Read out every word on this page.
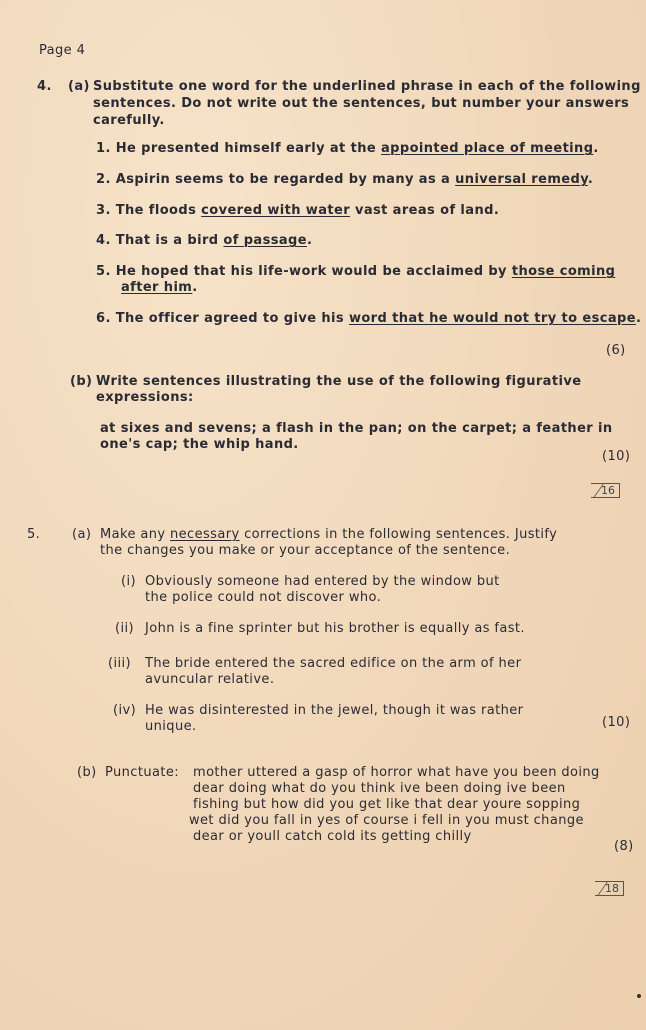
Page 4
4. (a) Substitute one word for the underlined phrase in each of the following
sentences. Do not write out the sentences, but number your answers
carefully.
1. He presented himself early at the appointed place of meeting.
2. Aspirin seems to be regarded by many as a universal remedy.
3. The floods covered with water vast areas of land.
4. That is a bird of passage.
5. He hoped that his life-work would be acclaimed by those coming
after him.
6. The officer agreed to give his word that he would not try to escape.
(6)
(b) Write sentences illustrating the use of the following figurative
expressions:
at sixes and sevens; a flash in the pan; on the carpet; a feather in
one's cap; the whip hand.
(10)
16
5. (a) Make any necessary corrections in the following sentences. Justify
the changes you make or your acceptance of the sentence.
(i) Obviously someone had entered by the window but
the police could not discover who.
(ii) John is a fine sprinter but his brother is equally as fast.
(iii) The bride entered the sacred edifice on the arm of her
avuncular relative.
(iv) He was disinterested in the jewel, though it was rather
unique.	(10)
(b) Punctuate: mother uttered a gasp of horror what have you been doing
dear doing what do you think ive been doing ive been
fishing but how did you get like that dear youre sopping
wet did you fall in yes of course i fell in you must change
dear or youll catch cold its getting chilly
(8)
18
